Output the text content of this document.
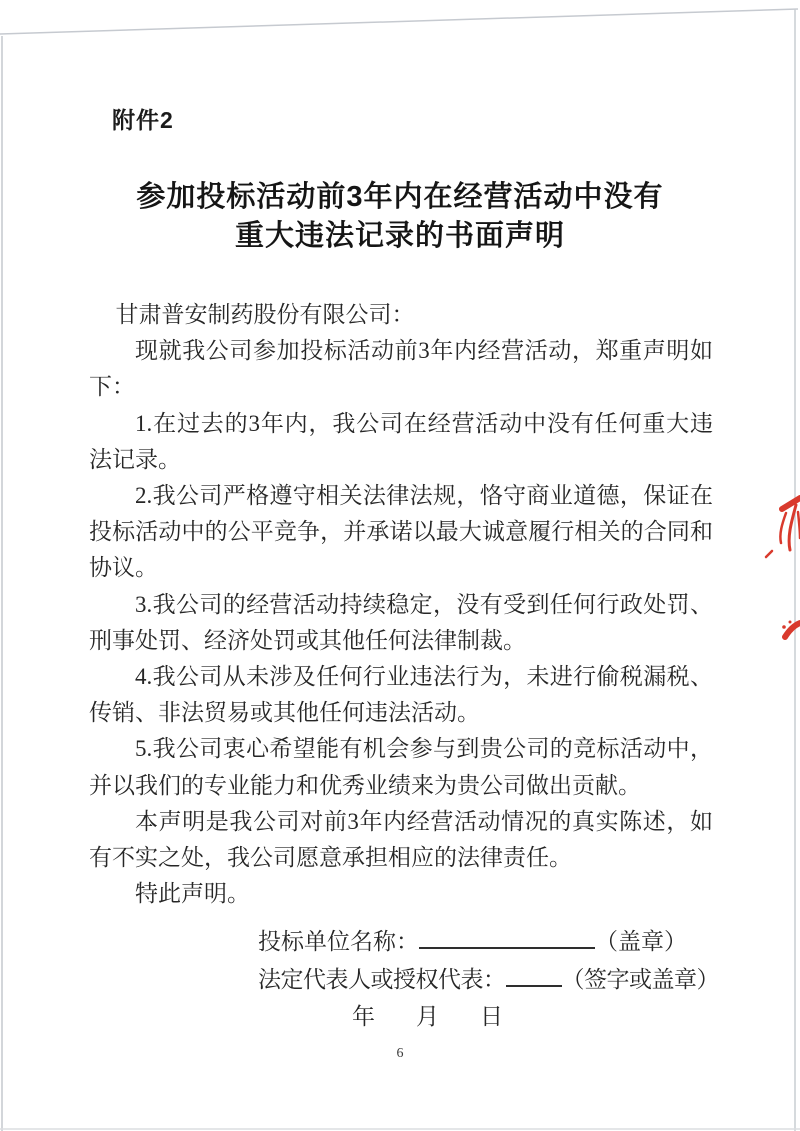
附件2
参加投标活动前3年内在经营活动中没有
重大违法记录的书面声明

甘肃普安制药股份有限公司：

现就我公司参加投标活动前3年内经营活动，郑重声明如下：

1.在过去的3年内，我公司在经营活动中没有任何重大违法记录。

2.我公司严格遵守相关法律法规，恪守商业道德，保证在投标活动中的公平竞争，并承诺以最大诚意履行相关的合同和协议。

3.我公司的经营活动持续稳定，没有受到任何行政处罚、刑事处罚、经济处罚或其他任何法律制裁。

4.我公司从未涉及任何行业违法行为，未进行偷税漏税、传销、非法贸易或其他任何违法活动。

5.我公司衷心希望能有机会参与到贵公司的竞标活动中，并以我们的专业能力和优秀业绩来为贵公司做出贡献。

本声明是我公司对前3年内经营活动情况的真实陈述，如有不实之处，我公司愿意承担相应的法律责任。

特此声明。

投标单位名称：	（盖章）
法定代表人或授权代表： （签字或盖章）
年 月 日
6
